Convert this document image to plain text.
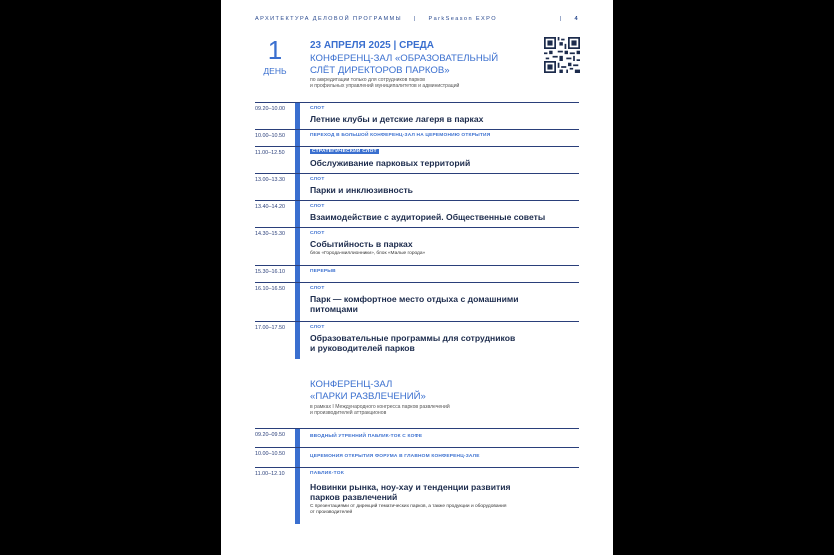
АРХИТЕКТУРА ДЕЛОВОЙ ПРОГРАММЫ | ParkSeason EXPO	| 4
1
ДЕНЬ
23 АПРЕЛЯ 2025 | СРЕДА
КОНФЕРЕНЦ-ЗАЛ «ОБРАЗОВАТЕЛЬНЫЙ
СЛЁТ ДИРЕКТОРОВ ПАРКОВ»
по аккредитации только для сотрудников парков
и профильных управлений муниципалитетов и администраций
09.20–10.00	СЛОТ
Летние клубы и детские лагеря в парках
10.00–10.50	ПЕРЕХОД В БОЛЬШОЙ КОНФЕРЕНЦ-ЗАЛ НА ЦЕРЕМОНИЮ ОТКРЫТИЯ
11.00–12.50	СТРАТЕГИЧЕСКИЙ СЛОТ
Обслуживание парковых территорий
13.00–13.30	СЛОТ
Парки и инклюзивность
13.40–14.20	СЛОТ
Взаимодействие с аудиторией. Общественные советы
14.30–15.30	СЛОТ
Событийность в парках
блок «Города-миллионники», блок «Малые города»
15.30–16.10	ПЕРЕРЫВ
16.10–16.50	СЛОТ
Парк — комфортное место отдыха с домашними
питомцами
17.00–17.50	СЛОТ
Образовательные программы для сотрудников
и руководителей парков
КОНФЕРЕНЦ-ЗАЛ
«ПАРКИ РАЗВЛЕЧЕНИЙ»
в рамках I Международного конгресса парков развлечений
и производителей аттракционов
09.20–09.50	ВВОДНЫЙ УТРЕННИЙ ПАБЛИК-ТОК С КОФЕ
10.00–10.50	ЦЕРЕМОНИЯ ОТКРЫТИЯ ФОРУМА В ГЛАВНОМ КОНФЕРЕНЦ-ЗАЛЕ
11.00–12.10	ПАБЛИК-ТОК
Новинки рынка, ноу-хау и тенденции развития
парков развлечений
С презентациями от дирекций тематических парков, а также продукции и оборудования
от производителей
